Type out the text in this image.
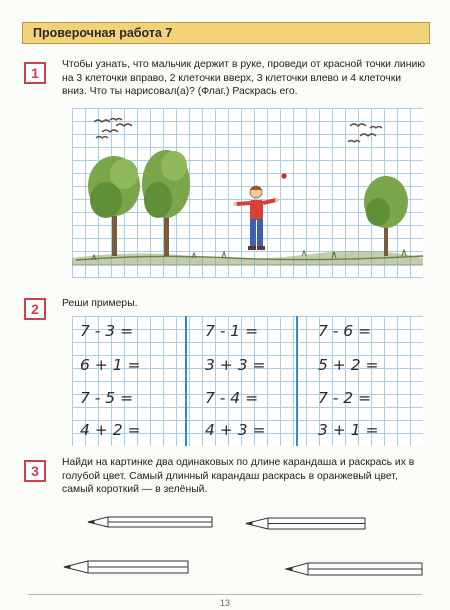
Проверочная работа 7
1
Чтобы узнать, что мальчик держит в руке, проведи от красной точки линию на 3 клеточки вправо, 2 клеточки вверх, 3 клеточки влево и 4 клеточки вниз. Что ты нарисовал(а)? (Флаг.) Раскрась его.
2	Реши примеры.
7 - 3 =
6 + 1 =
7 - 5 =
4 + 2 =
7 - 1 =
3 + 3 =
7 - 4 =
4 + 3 =
7 - 6 =
5 + 2 =
7 - 2 =
3 + 1 =
3
Найди на картинке два одинаковых по длине карандаша и раскрась их в голубой цвет. Самый длинный карандаш раскрась в оранжевый цвет, самый короткий — в зелёный.
13
